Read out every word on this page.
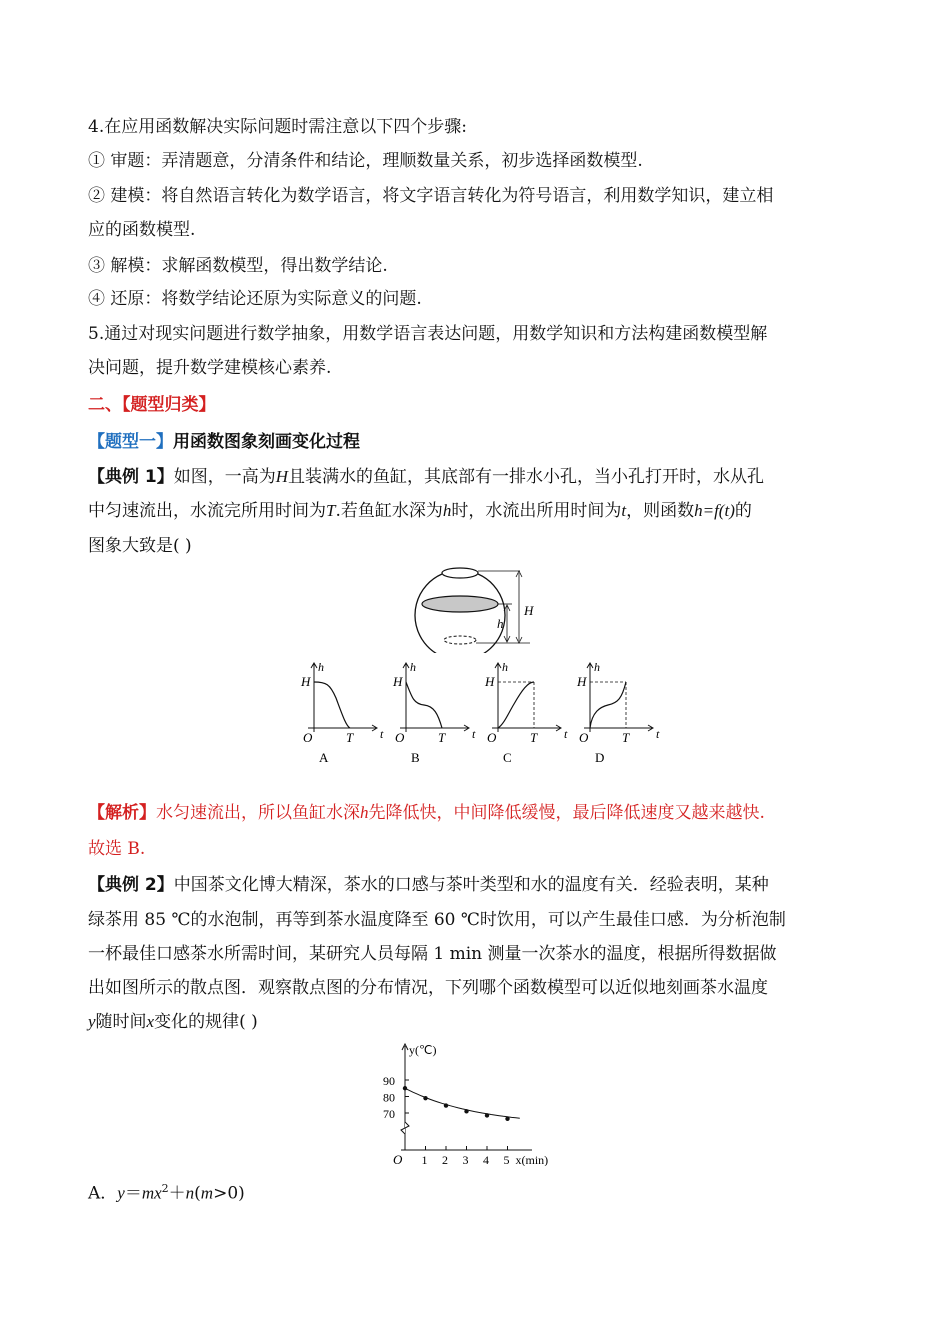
4.在应用函数解决实际问题时需注意以下四个步骤:
① 审题：弄清题意，分清条件和结论，理顺数量关系，初步选择函数模型.
② 建模：将自然语言转化为数学语言，将文字语言转化为符号语言，利用数学知识，建立相
应的函数模型.
③ 解模：求解函数模型，得出数学结论.
④ 还原：将数学结论还原为实际意义的问题.
5.通过对现实问题进行数学抽象，用数学语言表达问题，用数学知识和方法构建函数模型解
决问题，提升数学建模核心素养.
二、【题型归类】
【题型一】用函数图象刻画变化过程
【典例 1】如图，一高为H且装满水的鱼缸，其底部有一排水小孔，当小孔打开时，水从孔
中匀速流出，水流完所用时间为T.若鱼缸水深为h时，水流出所用时间为t，则函数h=f(t)的
图象大致是( )
H
h
h
H
O	T t
A
h
H
O	T t
B
h
H
O	T t
C
h
H
O	T t
D
【解析】水匀速流出，所以鱼缸水深h先降低快，中间降低缓慢，最后降低速度又越来越快.
故选 B.
【典例 2】中国茶文化博大精深，茶水的口感与茶叶类型和水的温度有关．经验表明，某种
绿茶用 85 ℃的水泡制，再等到茶水温度降至 60 ℃时饮用，可以产生最佳口感．为分析泡制
一杯最佳口感茶水所需时间，某研究人员每隔 1 min 测量一次茶水的温度，根据所得数据做
出如图所示的散点图．观察散点图的分布情况，下列哪个函数模型可以近似地刻画茶水温度
y随时间x变化的规律( )
y(℃)
70
80
90
1 2 3 4 5
O	x(min)
A．$y=mx^2+n(m>0)$
